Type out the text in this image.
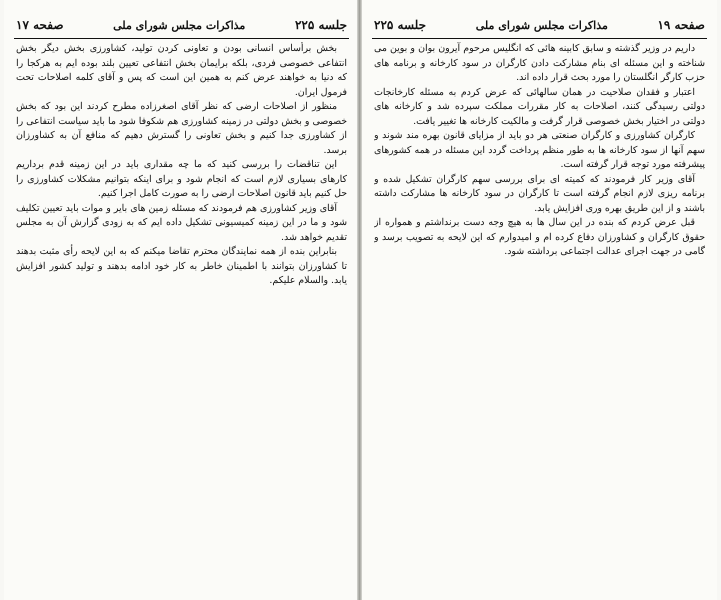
جلسه ۲۲۵
مذاکرات مجلس شورای ملی
صفحه ۱۷

بخش برأساس انسانی بودن و تعاونی کردن تولید، کشاورزی بخش دیگر بخش انتفاعی خصوصی فردی، بلکه برایمان بخش انتفاعی تعیین بلند بوده ایم به هرکجا را که دنیا به خواهند عرض کنم به همین این است که پس و آقای کلمه اصلاحات تحت فرمول ایران.

منظور از اصلاحات ارضی که نظر آقای اصغرزاده مطرح کردند این بود که بخش خصوصی و بخش دولتی در زمینه کشاورزی هم شکوفا شود ما باید سیاست انتفاعی را از کشاورزی جدا کنیم و بخش تعاونی را گسترش دهیم که منافع آن به کشاورزان برسد.

این تناقضات را بررسی کنید که ما چه مقداری باید در این زمینه قدم برداریم کارهای بسیاری لازم است که انجام شود و برای اینکه بتوانیم مشکلات کشاورزی را حل کنیم باید قانون اصلاحات ارضی را به صورت کامل اجرا کنیم.

آقای وزیر کشاورزی هم فرمودند که مسئله زمین های بایر و موات باید تعیین تکلیف شود و ما در این زمینه کمیسیونی تشکیل داده ایم که به زودی گزارش آن به مجلس تقدیم خواهد شد.

بنابراین بنده از همه نمایندگان محترم تقاضا میکنم که به این لایحه رأی مثبت بدهند تا کشاورزان بتوانند با اطمینان خاطر به کار خود ادامه بدهند و تولید کشور افزایش یابد. والسلام علیکم.

صفحه ۱۹
مذاکرات مجلس شورای ملی
جلسه ۲۲۵

داریم در وزیر گذشته و سابق کابینه هائی که انگلیس مرحوم آیرون بوان و بوین می شناخته و این مسئله ای بنام مشارکت دادن کارگران در سود کارخانه و برنامه های حزب کارگر انگلستان را مورد بحث قرار داده اند.

اعتبار و فقدان صلاحیت در همان سالهائی که عرض کردم به مسئله کارخانجات دولتی رسیدگی کنند، اصلاحات به کار مقررات مملکت سپرده شد و کارخانه های دولتی در اختیار بخش خصوصی قرار گرفت و مالکیت کارخانه ها تغییر یافت.

کارگران کشاورزی و کارگران صنعتی هر دو باید از مزایای قانون بهره مند شوند و سهم آنها از سود کارخانه ها به طور منظم پرداخت گردد این مسئله در همه کشورهای پیشرفته مورد توجه قرار گرفته است.

آقای وزیر کار فرمودند که کمیته ای برای بررسی سهم کارگران تشکیل شده و برنامه ریزی لازم انجام گرفته است تا کارگران در سود کارخانه ها مشارکت داشته باشند و از این طریق بهره وری افزایش یابد.

قبل عرض کردم که بنده در این سال ها به هیچ وجه دست برنداشتم و همواره از حقوق کارگران و کشاورزان دفاع کرده ام و امیدوارم که این لایحه به تصویب برسد و گامی در جهت اجرای عدالت اجتماعی برداشته شود.
